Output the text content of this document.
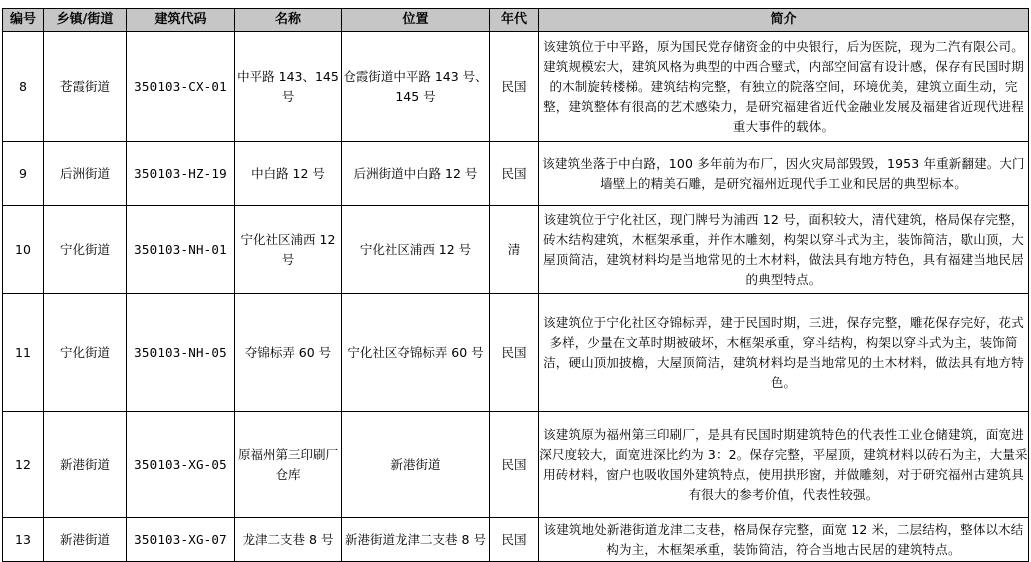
编号	乡镇/街道	建筑代码	名称	位置	年代	简介
8	苍霞街道	350103-CX-01	中平路 143、145 号	仓霞街道中平路 143 号、145 号	民国	该建筑位于中平路，原为国民党存储资金的中央银行，后为医院，现为二汽有限公司。建筑规模宏大，建筑风格为典型的中西合璧式，内部空间富有设计感，保存有民国时期的木制旋转楼梯。建筑结构完整，有独立的院落空间，环境优美，建筑立面生动，完整，建筑整体有很高的艺术感染力，是研究福建省近代金融业发展及福建省近现代进程重大事件的载体。
9	后洲街道	350103-HZ-19	中白路 12 号	后洲街道中白路 12 号	民国	该建筑坐落于中白路，100 多年前为布厂，因火灾局部毁毁，1953 年重新翻建。大门墙壁上的精美石雕，是研究福州近现代手工业和民居的典型标本。
10	宁化街道	350103-NH-01	宁化社区浦西 12 号	宁化社区浦西 12 号	清	该建筑位于宁化社区，现门牌号为浦西 12 号，面积较大，清代建筑，格局保存完整，砖木结构建筑，木框架承重，并作木雕刻，构架以穿斗式为主，装饰简洁，歇山顶，大屋顶简洁，建筑材料均是当地常见的土木材料，做法具有地方特色，具有福建当地民居的典型特点。
11	宁化街道	350103-NH-05	夺锦标弄 60 号	宁化社区夺锦标弄 60 号	民国	该建筑位于宁化社区夺锦标弄，建于民国时期，三进，保存完整，雕花保存完好，花式多样，少量在文革时期被破坏，木框架承重，穿斗结构，构架以穿斗式为主，装饰简洁，硬山顶加披檐，大屋顶简洁，建筑材料均是当地常见的土木材料，做法具有地方特色。
12	新港街道	350103-XG-05	原福州第三印刷厂仓库	新港街道	民国	该建筑原为福州第三印刷厂，是具有民国时期建筑特色的代表性工业仓储建筑，面宽进深尺度较大，面宽进深比约为 3：2。保存完整，平屋顶，建筑材料以砖石为主，大量采用砖材料，窗户也吸收国外建筑特点，使用拱形窗，并做雕刻，对于研究福州古建筑具有很大的参考价值，代表性较强。
13	新港街道	350103-XG-07	龙津二支巷 8 号	新港街道龙津二支巷 8 号	民国	该建筑地处新港街道龙津二支巷，格局保存完整，面宽 12 米，二层结构，整体以木结构为主，木框架承重，装饰简洁，符合当地古民居的建筑特点。
